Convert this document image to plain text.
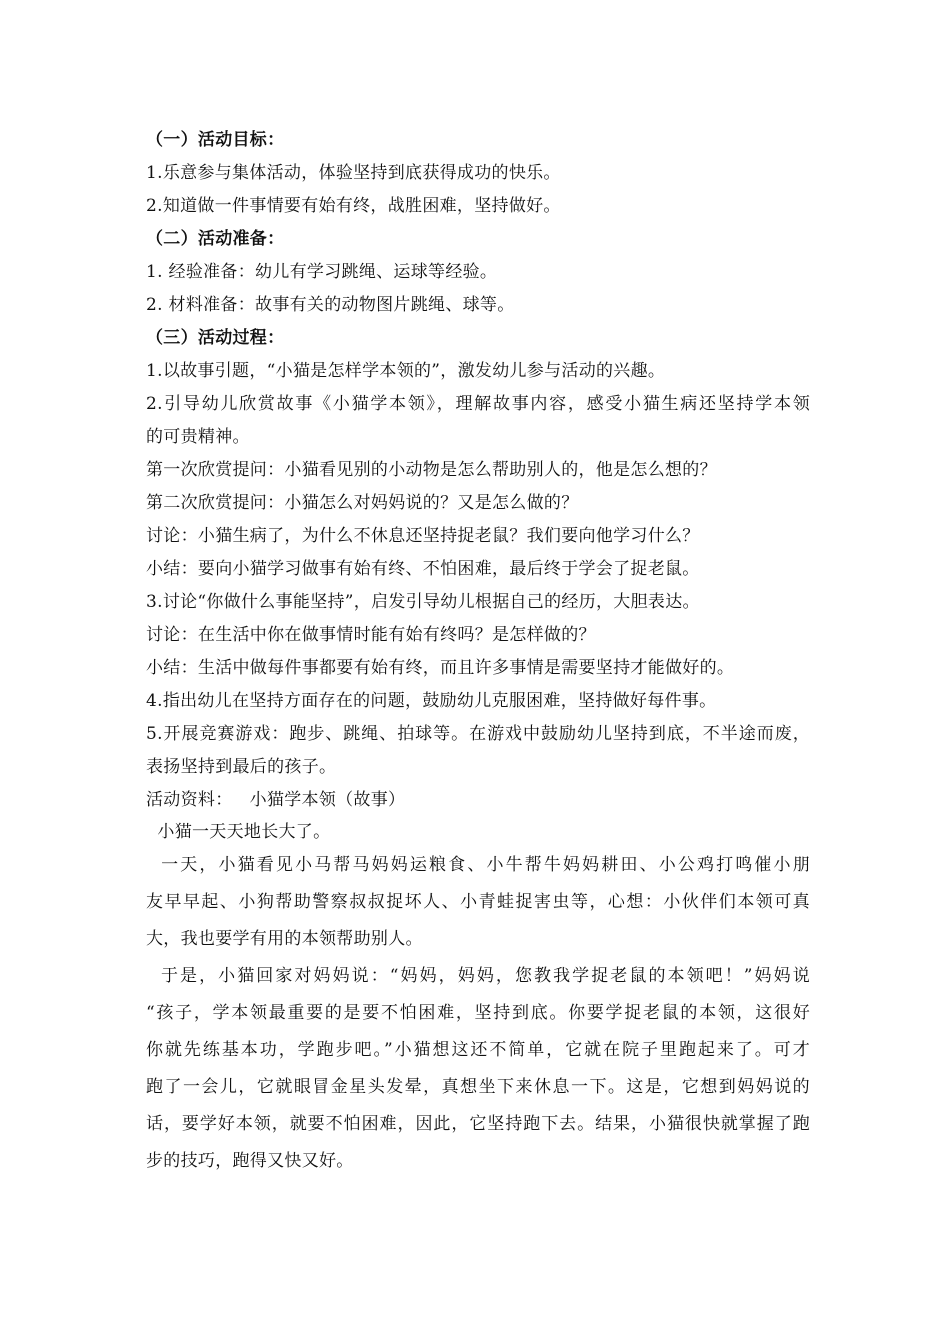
（一）活动目标：
1.乐意参与集体活动，体验坚持到底获得成功的快乐。
2.知道做一件事情要有始有终，战胜困难，坚持做好。
（二）活动准备：
1. 经验准备：幼儿有学习跳绳、运球等经验。
2. 材料准备：故事有关的动物图片跳绳、球等。
（三）活动过程：
1.以故事引题，“小猫是怎样学本领的”，激发幼儿参与活动的兴趣。
2.引导幼儿欣赏故事《小猫学本领》，理解故事内容，感受小猫生病还坚持学本领
的可贵精神。
第一次欣赏提问：小猫看见别的小动物是怎么帮助别人的，他是怎么想的？
第二次欣赏提问：小猫怎么对妈妈说的？又是怎么做的？
讨论：小猫生病了，为什么不休息还坚持捉老鼠？我们要向他学习什么？
小结：要向小猫学习做事有始有终、不怕困难，最后终于学会了捉老鼠。
3.讨论“你做什么事能坚持”，启发引导幼儿根据自己的经历，大胆表达。
讨论：在生活中你在做事情时能有始有终吗？是怎样做的？
小结：生活中做每件事都要有始有终，而且许多事情是需要坚持才能做好的。
4.指出幼儿在坚持方面存在的问题，鼓励幼儿克服困难，坚持做好每件事。
5.开展竞赛游戏：跑步、跳绳、拍球等。在游戏中鼓励幼儿坚持到底，不半途而废，
表扬坚持到最后的孩子。
活动资料：   小猫学本领（故事）
小猫一天天地长大了。
一天，小猫看见小马帮马妈妈运粮食、小牛帮牛妈妈耕田、小公鸡打鸣催小朋
友早早起、小狗帮助警察叔叔捉坏人、小青蛙捉害虫等，心想：小伙伴们本领可真
大，我也要学有用的本领帮助别人。
于是，小猫回家对妈妈说：“妈妈，妈妈，您教我学捉老鼠的本领吧！”妈妈说
“孩子，学本领最重要的是要不怕困难，坚持到底。你要学捉老鼠的本领，这很好
你就先练基本功，学跑步吧。”小猫想这还不简单，它就在院子里跑起来了。可才
跑了一会儿，它就眼冒金星头发晕，真想坐下来休息一下。这是，它想到妈妈说的
话，要学好本领，就要不怕困难，因此，它坚持跑下去。结果，小猫很快就掌握了跑
步的技巧，跑得又快又好。
